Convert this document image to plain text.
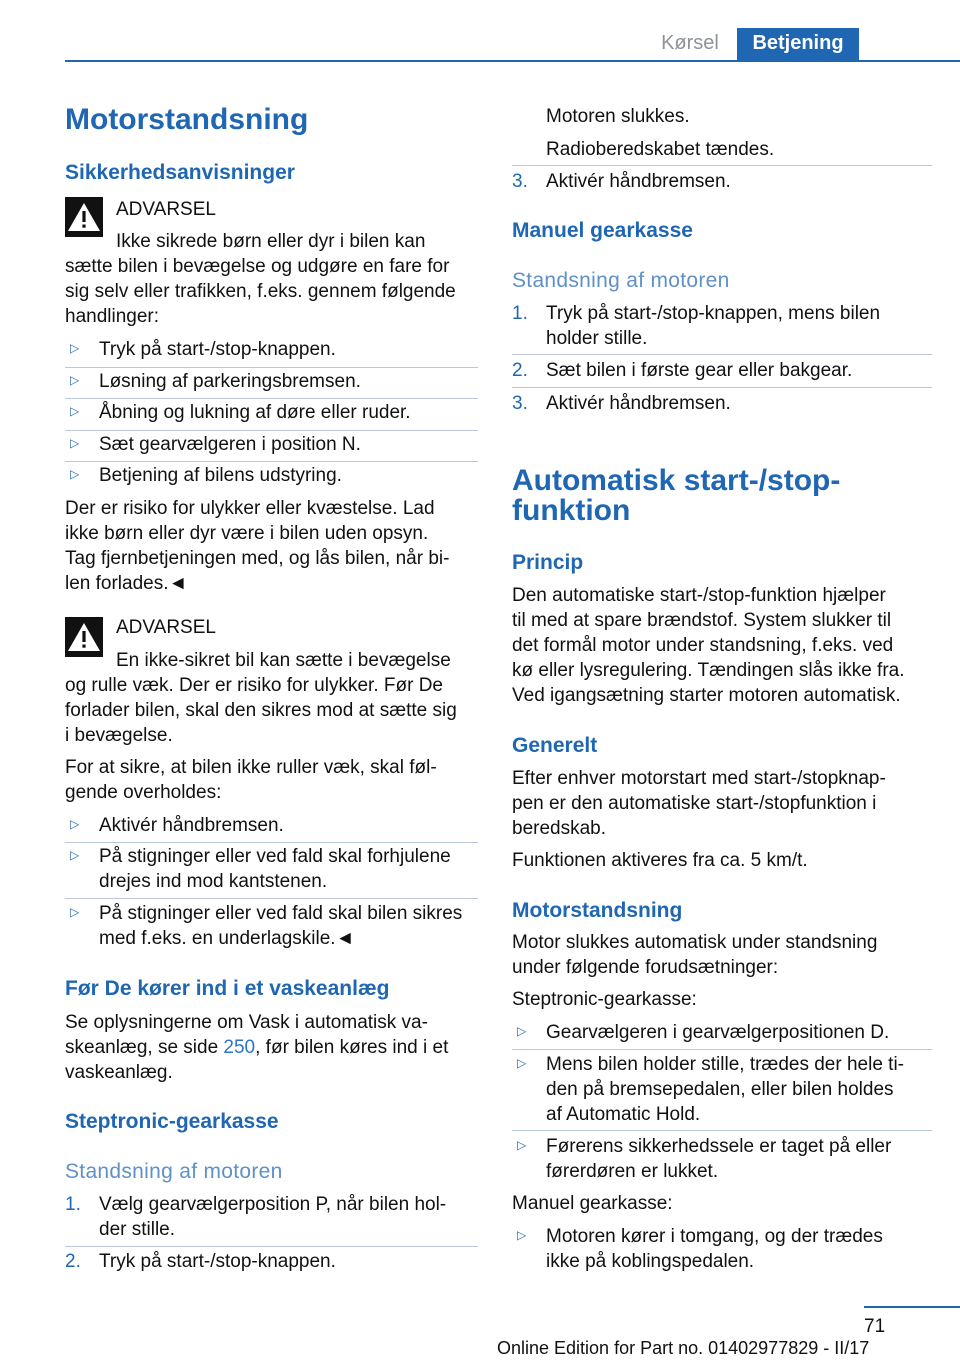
Kørsel	Betjening
Motorstandsning
Sikkerhedsanvisninger
ADVARSEL
Ikke sikrede børn eller dyr i bilen kan
sætte bilen i bevægelse og udgøre en fare for
sig selv eller trafikken, f.eks. gennem følgende
handlinger:
▷ Tryk på start-/stop-knappen.
▷ Løsning af parkeringsbremsen.
▷ Åbning og lukning af døre eller ruder.
▷ Sæt gearvælgeren i position N.
▷ Betjening af bilens udstyring.
Der er risiko for ulykker eller kvæstelse. Lad
ikke børn eller dyr være i bilen uden opsyn.
Tag fjernbetjeningen med, og lås bilen, når bi-
len forlades.◄
ADVARSEL
En ikke-sikret bil kan sætte i bevægelse
og rulle væk. Der er risiko for ulykker. Før De
forlader bilen, skal den sikres mod at sætte sig
i bevægelse.
For at sikre, at bilen ikke ruller væk, skal føl-
gende overholdes:
▷ Aktivér håndbremsen.
▷ På stigninger eller ved fald skal forhjulene
drejes ind mod kantstenen.
▷ På stigninger eller ved fald skal bilen sikres
med f.eks. en underlagskile.◄
Før De kører ind i et vaskeanlæg
Se oplysningerne om Vask i automatisk va-
skeanlæg, se side 250, før bilen køres ind i et
vaskeanlæg.
Steptronic-gearkasse
Standsning af motoren
1. Vælg gearvælgerposition P, når bilen hol-
der stille.
2. Tryk på start-/stop-knappen.
Motoren slukkes.
Radioberedskabet tændes.
3. Aktivér håndbremsen.
Manuel gearkasse
Standsning af motoren
1. Tryk på start-/stop-knappen, mens bilen
holder stille.
2. Sæt bilen i første gear eller bakgear.
3. Aktivér håndbremsen.
Automatisk start-/stop-
funktion
Princip
Den automatiske start-/stop-funktion hjælper
til med at spare brændstof. System slukker til
det formål motor under standsning, f.eks. ved
kø eller lysregulering. Tændingen slås ikke fra.
Ved igangsætning starter motoren automatisk.
Generelt
Efter enhver motorstart med start-/stopknap-
pen er den automatiske start-/stopfunktion i
beredskab.
Funktionen aktiveres fra ca. 5 km/t.
Motorstandsning
Motor slukkes automatisk under standsning
under følgende forudsætninger:
Steptronic-gearkasse:
▷ Gearvælgeren i gearvælgerpositionen D.
▷ Mens bilen holder stille, trædes der hele ti-
den på bremsepedalen, eller bilen holdes
af Automatic Hold.
▷ Førerens sikkerhedssele er taget på eller
førerdøren er lukket.
Manuel gearkasse:
▷ Motoren kører i tomgang, og der trædes
ikke på koblingspedalen.
71
Online Edition for Part no. 01402977829 - II/17
